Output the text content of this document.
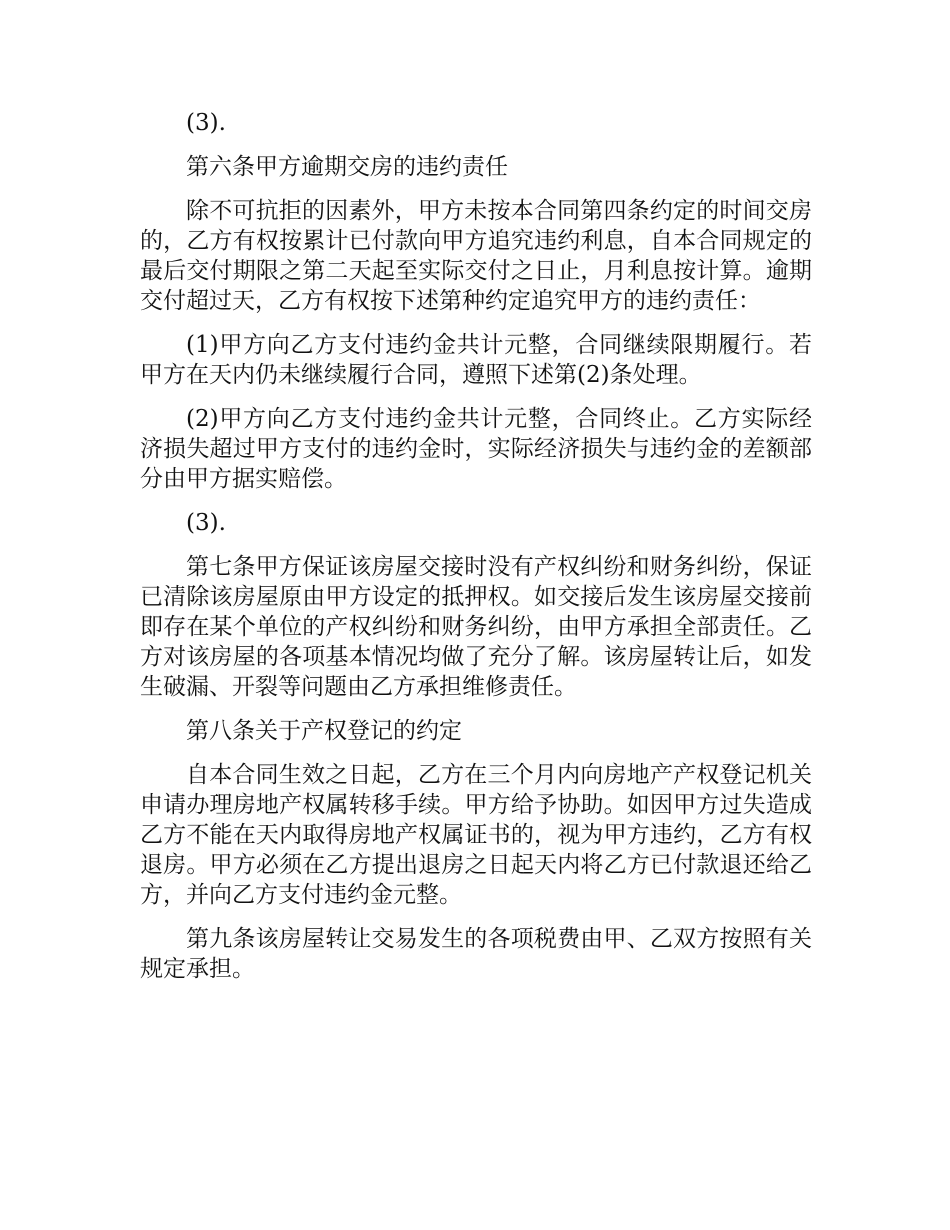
(3).

第六条甲方逾期交房的违约责任

除不可抗拒的因素外，甲方未按本合同第四条约定的时间交房的，乙方有权按累计已付款向甲方追究违约利息，自本合同规定的最后交付期限之第二天起至实际交付之日止，月利息按计算。逾期交付超过天，乙方有权按下述第种约定追究甲方的违约责任：

(1)甲方向乙方支付违约金共计元整，合同继续限期履行。若甲方在天内仍未继续履行合同，遵照下述第(2)条处理。

(2)甲方向乙方支付违约金共计元整，合同终止。乙方实际经济损失超过甲方支付的违约金时，实际经济损失与违约金的差额部分由甲方据实赔偿。

(3).

第七条甲方保证该房屋交接时没有产权纠纷和财务纠纷，保证已清除该房屋原由甲方设定的抵押权。如交接后发生该房屋交接前即存在某个单位的产权纠纷和财务纠纷，由甲方承担全部责任。乙方对该房屋的各项基本情况均做了充分了解。该房屋转让后，如发生破漏、开裂等问题由乙方承担维修责任。

第八条关于产权登记的约定

自本合同生效之日起，乙方在三个月内向房地产产权登记机关申请办理房地产权属转移手续。甲方给予协助。如因甲方过失造成乙方不能在天内取得房地产权属证书的，视为甲方违约，乙方有权退房。甲方必须在乙方提出退房之日起天内将乙方已付款退还给乙方，并向乙方支付违约金元整。

第九条该房屋转让交易发生的各项税费由甲、乙双方按照有关规定承担。
